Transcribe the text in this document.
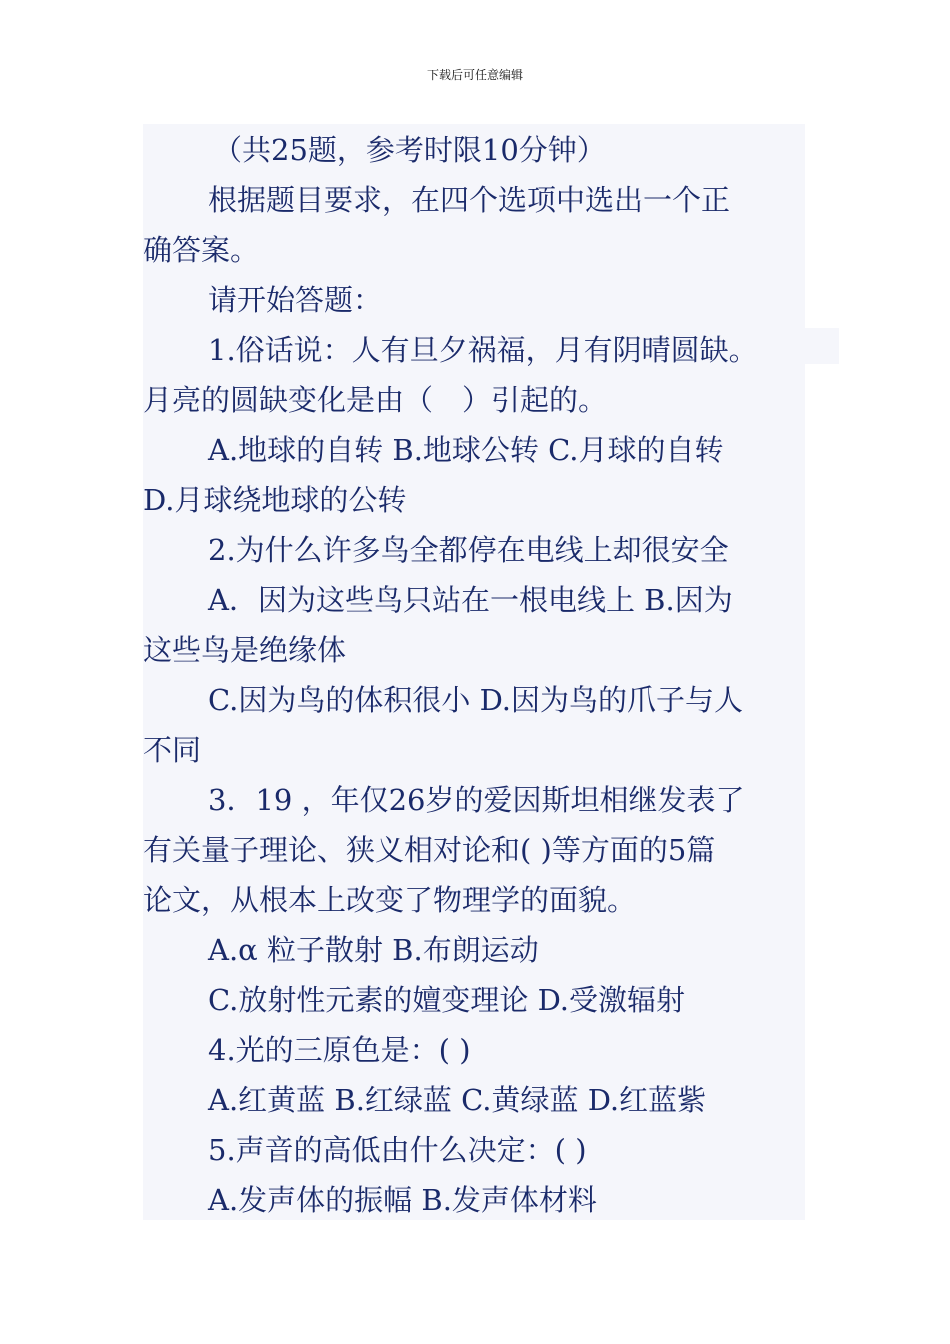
下载后可任意编辑
（共25题，参考时限10分钟）
根据题目要求，在四个选项中选出一个正
确答案。
请开始答题：
1.俗话说：人有旦夕祸福，月有阴晴圆缺。
月亮的圆缺变化是由（　）引起的。
A.地球的自转 B.地球公转 C.月球的自转
D.月球绕地球的公转
2.为什么许多鸟全都停在电线上却很安全
A．因为这些鸟只站在一根电线上 B.因为
这些鸟是绝缘体
C.因为鸟的体积很小 D.因为鸟的爪子与人
不同
3．19 ，年仅26岁的爱因斯坦相继发表了
有关量子理论、狭义相对论和( )等方面的5篇
论文，从根本上改变了物理学的面貌。
A.α 粒子散射 B.布朗运动
C.放射性元素的嬗变理论 D.受激辐射
4.光的三原色是：( )
A.红黄蓝 B.红绿蓝 C.黄绿蓝 D.红蓝紫
5.声音的高低由什么决定：( )
A.发声体的振幅 B.发声体材料
